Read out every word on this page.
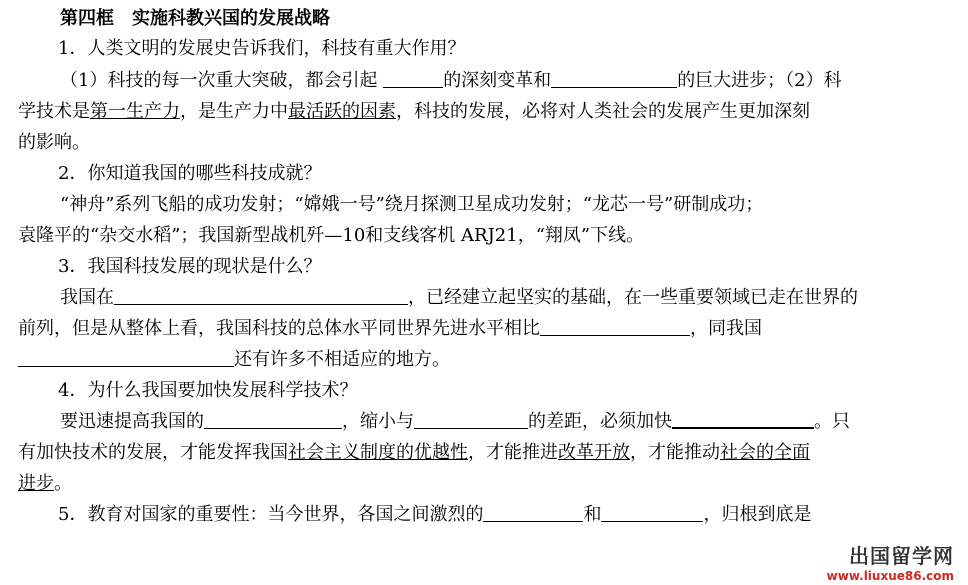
第四框　实施科教兴国的发展战略
1．人类文明的发展史告诉我们，科技有重大作用？
（1）科技的每一次重大突破，都会引起	的深刻变革和	的巨大进步；（2）科
学技术是第一生产力，是生产力中最活跃的因素，科技的发展，必将对人类社会的发展产生更加深刻
的影响。
2．你知道我国的哪些科技成就？
“神舟”系列飞船的成功发射；“嫦娥一号”绕月探测卫星成功发射；“龙芯一号”研制成功；
袁隆平的“杂交水稻”；我国新型战机歼—10和支线客机 ARJ21，“翔凤”下线。
3．我国科技发展的现状是什么？
我国在	，已经建立起坚实的基础，在一些重要领域已走在世界的
前列，但是从整体上看，我国科技的总体水平同世界先进水平相比	，同我国
还有许多不相适应的地方。
4．为什么我国要加快发展科学技术？
要迅速提高我国的	，缩小与	的差距，必须加快	。只
有加快技术的发展，才能发挥我国社会主义制度的优越性，才能推进改革开放，才能推动社会的全面
进步。
5．教育对国家的重要性：当今世界，各国之间激烈的	和	，归根到底是
出国留学网
www.liuxue86.com
